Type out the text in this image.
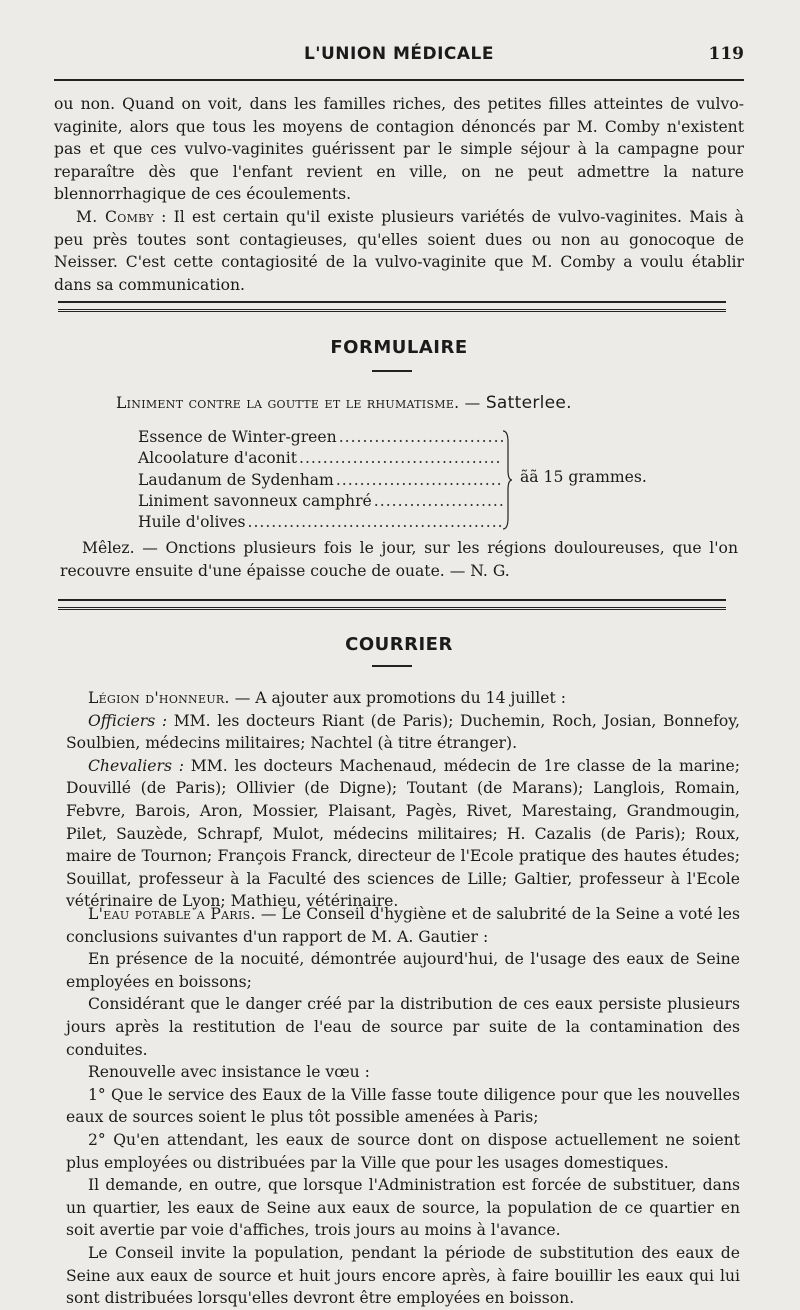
L'UNION MÉDICALE	119

ou non. Quand on voit, dans les familles riches, des petites filles atteintes de vulvo-vaginite, alors que tous les moyens de contagion dénoncés par M. Comby n'existent pas et que ces vulvo-vaginites guérissent par le simple séjour à la campagne pour reparaître dès que l'enfant revient en ville, on ne peut admettre la nature blennorrhagique de ces écoulements.

M. Comby : Il est certain qu'il existe plusieurs variétés de vulvo-vaginites. Mais à peu près toutes sont contagieuses, qu'elles soient dues ou non au gonocoque de Neisser. C'est cette contagiosité de la vulvo-vaginite que M. Comby a voulu établir dans sa communication.

FORMULAIRE
Liniment contre la goutte et le rhumatisme. — Satterlee.
Essence de Winter-green
.....
Alcoolature d'aconit
.....
Laudanum de Sydenham
.....
Liniment savonneux camphré
.....
Huile d'olives
.....
ãã 15 grammes.

Mêlez. — Onctions plusieurs fois le jour, sur les régions douloureuses, que l'on recouvre ensuite d'une épaisse couche de ouate. — N. G.

COURRIER

Légion d'honneur. — A ajouter aux promotions du 14 juillet :

Officiers : MM. les docteurs Riant (de Paris); Duchemin, Roch, Josian, Bonnefoy, Soulbien, médecins militaires; Nachtel (à titre étranger).

Chevaliers : MM. les docteurs Machenaud, médecin de 1re classe de la marine; Douvillé (de Paris); Ollivier (de Digne); Toutant (de Marans); Langlois, Romain, Febvre, Barois, Aron, Mossier, Plaisant, Pagès, Rivet, Marestaing, Grandmougin, Pilet, Sauzède, Schrapf, Mulot, médecins militaires; H. Cazalis (de Paris); Roux, maire de Tournon; François Franck, directeur de l'Ecole pratique des hautes études; Souillat, professeur à la Faculté des sciences de Lille; Galtier, professeur à l'Ecole vétérinaire de Lyon; Mathieu, vétérinaire.

L'eau potable a Paris. — Le Conseil d'hygiène et de salubrité de la Seine a voté les conclusions suivantes d'un rapport de M. A. Gautier :

En présence de la nocuité, démontrée aujourd'hui, de l'usage des eaux de Seine employées en boissons;

Considérant que le danger créé par la distribution de ces eaux persiste plusieurs jours après la restitution de l'eau de source par suite de la contamination des conduites.

Renouvelle avec insistance le vœu :

1° Que le service des Eaux de la Ville fasse toute diligence pour que les nouvelles eaux de sources soient le plus tôt possible amenées à Paris;

2° Qu'en attendant, les eaux de source dont on dispose actuellement ne soient plus employées ou distribuées par la Ville que pour les usages domestiques.

Il demande, en outre, que lorsque l'Administration est forcée de substituer, dans un quartier, les eaux de Seine aux eaux de source, la population de ce quartier en soit avertie par voie d'affiches, trois jours au moins à l'avance.

Le Conseil invite la population, pendant la période de substitution des eaux de Seine aux eaux de source et huit jours encore après, à faire bouillir les eaux qui lui sont distribuées lorsqu'elles devront être employées en boisson.
